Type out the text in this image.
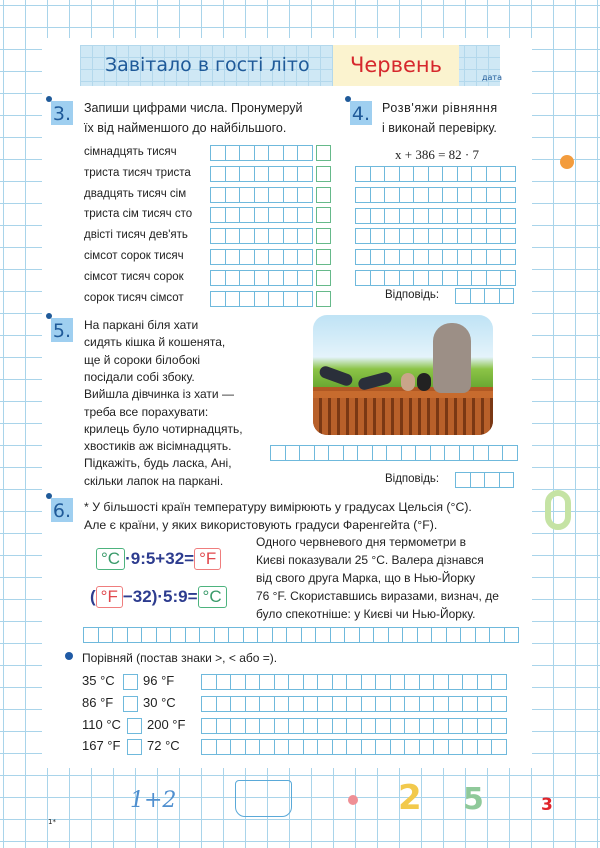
Завітало в гості літо	Червень
дата
3. Запиши цифрами числа. Пронумеруй
їх від найменшого до найбільшого.
сімнадцять тисяч
триста тисяч триста
двадцять тисяч сім
триста сім тисяч сто
двісті тисяч дев'ять
сімсот сорок тисяч
сімсот тисяч сорок
сорок тисяч сімсот
4. Розв'яжи рівняння
і виконай перевірку.
x + 386 = 82 · 7
Відповідь:
5. На паркані біля хати
сидять кішка й кошенята,
ще й сороки білобокі
посідали собі збоку.
Вийшла дівчинка із хати —
треба все порахувати:
крилець було чотирнадцять,
хвостиків аж вісімнадцять.
Підкажіть, будь ласка, Ані,
скільки лапок на паркані.	Відповідь:
6. * У більшості країн температуру вимірюють у градусах Цельсія (°C).
Але є країни, у яких використовують градуси Фаренгейта (°F).
°C ·9:5+32= °F
( °F −32)·5:9= °C
Одного червневого дня термометри в
Києві показували 25 °C. Валера дізнався
від свого друга Марка, що в Нью-Йорку
76 °F. Скориставшись виразами, визнач, де
було спекотніше: у Києві чи Нью-Йорку.
Порівняй (постав знаки >, < або =).
35 °C 96 °F
86 °F 30 °C
110 °C 200 °F
167 °F 72 °C
1+2
1*
2 5	3
